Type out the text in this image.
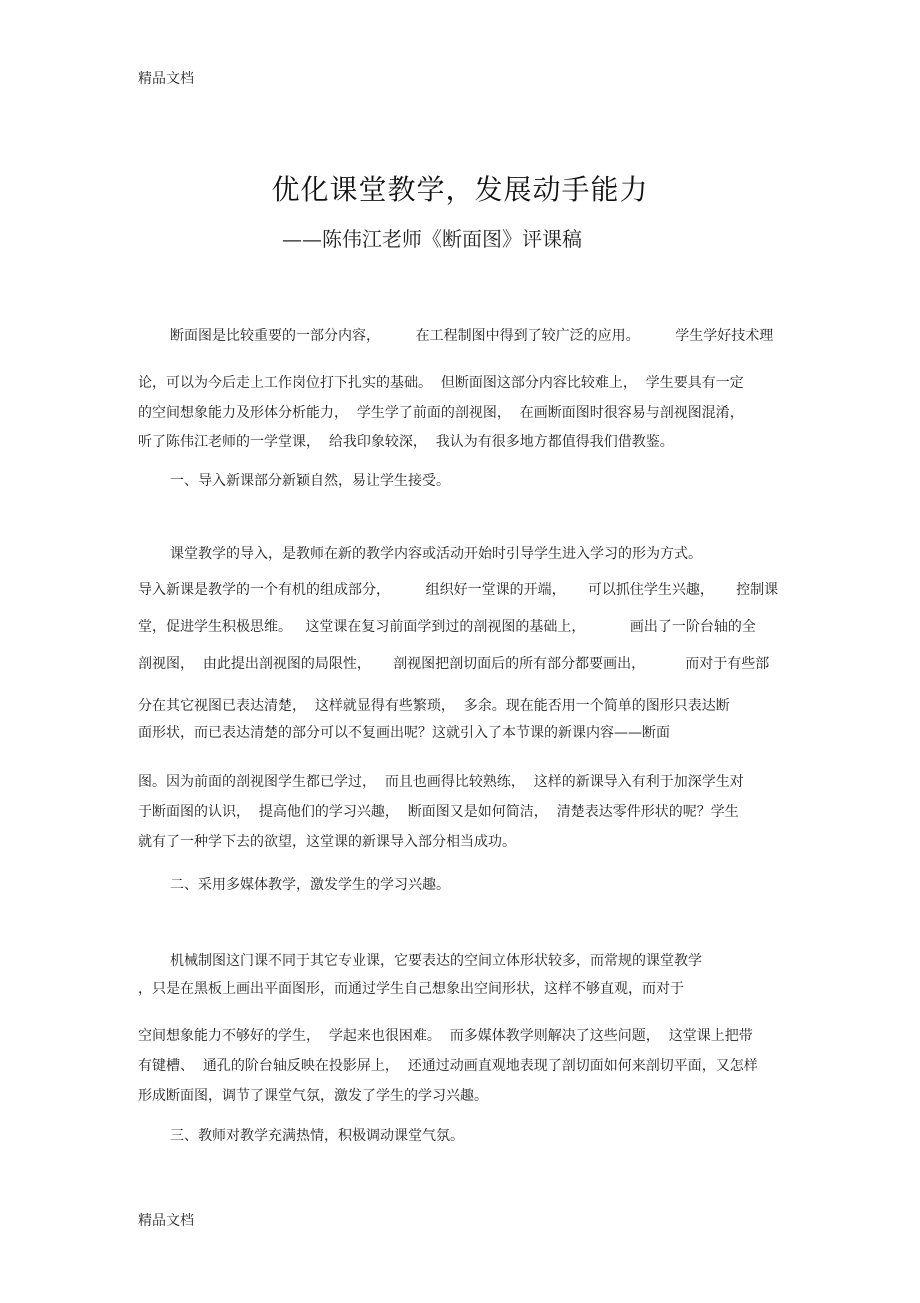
精品文档
优化课堂教学，发展动手能力
——陈伟江老师《断面图》评课稿
断面图是比较重要的一部分内容，        在工程制图中得到了较广泛的应用。        学生学好技术理
论，可以为今后走上工作岗位打下扎实的基础。  但断面图这部分内容比较难上，  学生要具有一定
的空间想象能力及形体分析能力，  学生学了前面的剖视图，  在画断面图时很容易与剖视图混淆，
听了陈伟江老师的一学堂课，  给我印象较深，  我认为有很多地方都值得我们借教鉴。
一、导入新课部分新颖自然，易让学生接受。
课堂教学的导入，是教师在新的教学内容或活动开始时引导学生进入学习的形为方式。
导入新课是教学的一个有机的组成部分，        组织好一堂课的开端，     可以抓住学生兴趣，     控制课
堂，促进学生积极思维。   这堂课在复习前面学到过的剖视图的基础上，          画出了一阶台轴的全
剖视图，  由此提出剖视图的局限性，     剖视图把剖切面后的所有部分都要画出，         而对于有些部
分在其它视图已表达清楚，  这样就显得有些繁琐，  多余。现在能否用一个简单的图形只表达断
面形状，而已表达清楚的部分可以不复画出呢？这就引入了本节课的新课内容——断面
图。因为前面的剖视图学生都已学过，  而且也画得比较熟练，  这样的新课导入有利于加深学生对
于断面图的认识，  提高他们的学习兴趣，  断面图又是如何简洁，  清楚表达零件形状的呢？学生
就有了一种学下去的欲望，这堂课的新课导入部分相当成功。
二、采用多媒体教学，激发学生的学习兴趣。
机械制图这门课不同于其它专业课，它要表达的空间立体形状较多，而常规的课堂教学
，只是在黑板上画出平面图形，而通过学生自己想象出空间形状，这样不够直观，而对于
空间想象能力不够好的学生，  学起来也很困难。  而多媒体教学则解决了这些问题，  这堂课上把带
有键槽、  通孔的阶台轴反映在投影屏上，  还通过动画直观地表现了剖切面如何来剖切平面，又怎样
形成断面图，调节了课堂气氛，激发了学生的学习兴趣。
三、教师对教学充满热情，积极调动课堂气氛。
精品文档
